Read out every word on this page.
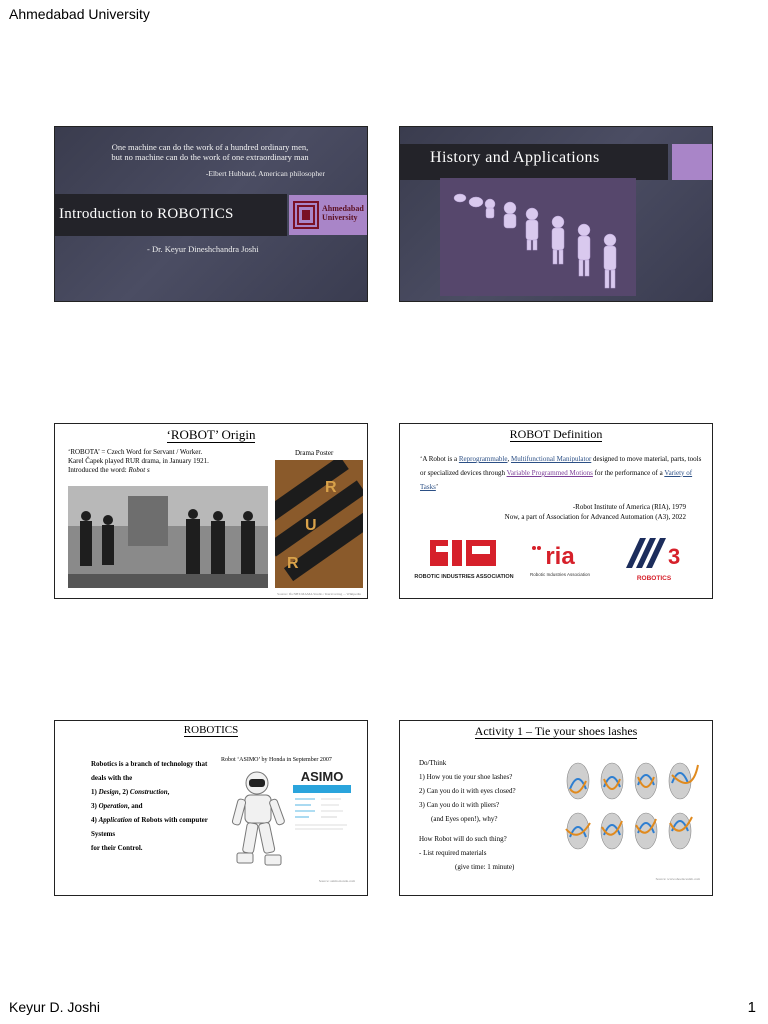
Ahmedabad University
Keyur D. Joshi	1
One machine can do the work of a hundred ordinary men,
but no machine can do the work of one extraordinary man
-Elbert Hubbard, American philosopher
Introduction to ROBOTICS	Ahmedabad
University
- Dr. Keyur Dineshchandra Joshi
History and Applications
‘ROBOT’ Origin
‘ROBOTA’ = Czech Word for Servant / Worker.
Karel Čapek played RUR drama, in January 1921.
Introduced the word: Robot s
Drama Poster
R
U
R
Source: Ifa NBT-MAMA Studio / Kurzvortrag ... Wikipedia
ROBOT Definition
‘A Robot is a Reprogrammable, Multifunctional Manipulator designed to move material, parts, tools or specialized devices through Variable Programmed Motions for the performance of a Variety of Tasks’
-Robot Institute of America (RIA), 1979
Now, a part of Association for Advanced Automation (A3), 2022
ROBOTIC INDUSTRIES ASSOCIATION
ria
Robotic Industries Association
3
ROBOTICS
ROBOTICS
Robotics is a branch of technology that deals with the
1) Design, 2) Construction,
3) Operation, and
4) Application of Robots with computer Systems
for their Control.
Robot ‘ASIMO’ by Honda in September 2007
ASIMO
Source: asimo.honda.com
Activity 1 – Tie your shoes lashes
Do/Think
1) How you tie your shoe lashes?
2) Can you do it with eyes closed?
3) Can you do it with pliers?
(and Eyes open!), why?
How Robot will do such thing?
- List required materials
(give time: 1 minute)
Source: www.shoelaceslab.com
